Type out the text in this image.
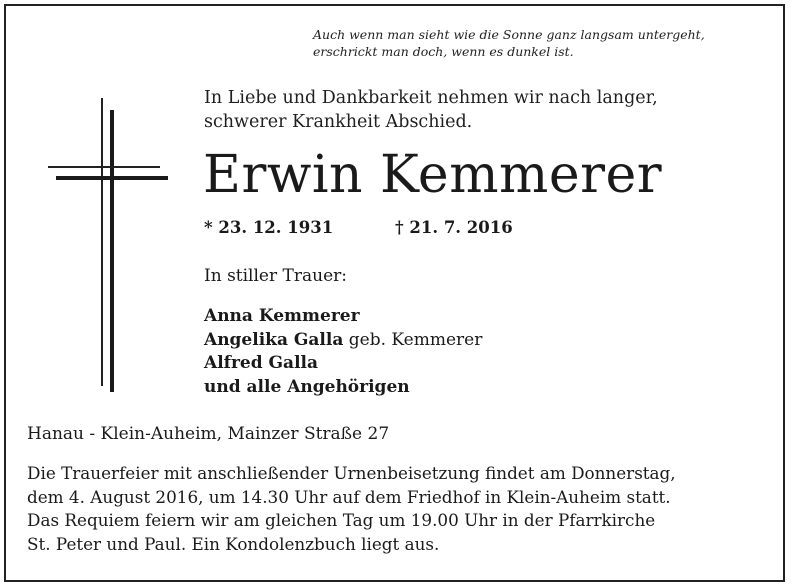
Auch wenn man sieht wie die Sonne ganz langsam untergeht,
erschrickt man doch, wenn es dunkel ist.
In Liebe und Dankbarkeit nehmen wir nach langer,
schwerer Krankheit Abschied.
Erwin Kemmerer
* 23. 12. 1931	† 21. 7. 2016
In stiller Trauer:
Anna Kemmerer
Angelika Galla geb. Kemmerer
Alfred Galla
und alle Angehörigen
Hanau - Klein-Auheim, Mainzer Straße 27
Die Trauerfeier mit anschließender Urnenbeisetzung findet am Donnerstag,
dem 4. August 2016, um 14.30 Uhr auf dem Friedhof in Klein-Auheim statt.
Das Requiem feiern wir am gleichen Tag um 19.00 Uhr in der Pfarrkirche
St. Peter und Paul. Ein Kondolenzbuch liegt aus.
